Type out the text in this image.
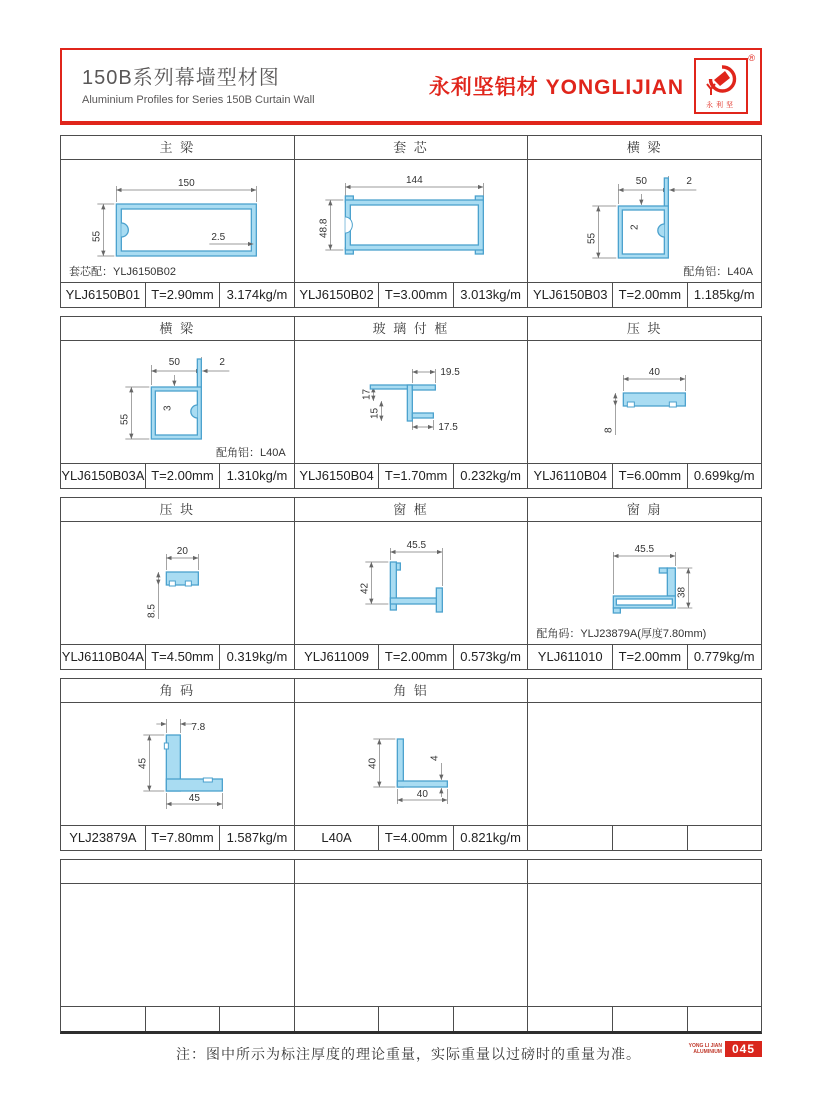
150B系列幕墙型材图
Aluminium Profiles for Series 150B Curtain Wall
永利坚铝材 YONGLIJIAN
®
永利坚
主 梁
150
55	2.5
套芯配：YLJ6150B02
YLJ6150B01 T=2.90mm 3.174kg/m
套 芯
144
48.8
YLJ6150B02 T=3.00mm 3.013kg/m
横 梁
50	2
55
2
配角铝：L40A
YLJ6150B03 T=2.00mm 1.185kg/m
横 梁
50	2
55
3
配角铝：L40A
YLJ6150B03A T=2.00mm 1.310kg/m
玻 璃 付 框
19.5
17
15
17.5
YLJ6150B04 T=1.70mm 0.232kg/m
压 块
40
8
YLJ6110B04 T=6.00mm 0.699kg/m
压 块
20
8.5
YLJ6110B04A T=4.50mm 0.319kg/m
窗 框
45.5
42
YLJ611009	T=2.00mm 0.573kg/m
窗 扇
45.5
38
配角码：YLJ23879A(厚度7.80mm)
YLJ611010	T=2.00mm 0.779kg/m
角 码
7.8
45
45
YLJ23879A	T=7.80mm 1.587kg/m
角 铝
40
40
4
L40A	T=4.00mm 0.821kg/m
注：图中所示为标注厚度的理论重量，实际重量以过磅时的重量为准。	YONG LI JIAN
ALUMINIUM 045
